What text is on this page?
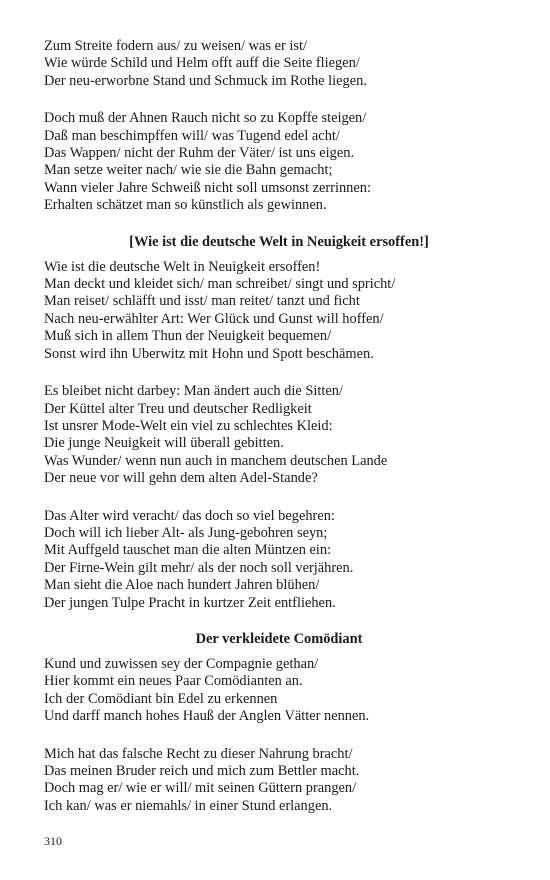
Zum Streite fodern aus/ zu weisen/ was er ist/
Wie würde Schild und Helm offt auff die Seite fliegen/
Der neu-erworbne Stand und Schmuck im Rothe liegen.
Doch muß der Ahnen Rauch nicht so zu Kopffe steigen/
Daß man beschimpffen will/ was Tugend edel acht/
Das Wappen/ nicht der Ruhm der Väter/ ist uns eigen.
Man setze weiter nach/ wie sie die Bahn gemacht;
Wann vieler Jahre Schweiß nicht soll umsonst zerrinnen:
Erhalten schätzet man so künstlich als gewinnen.
[Wie ist die deutsche Welt in Neuigkeit ersoffen!]
Wie ist die deutsche Welt in Neuigkeit ersoffen!
Man deckt und kleidet sich/ man schreibet/ singt und spricht/
Man reiset/ schläfft und isst/ man reitet/ tanzt und ficht
Nach neu-erwählter Art: Wer Glück und Gunst will hoffen/
Muß sich in allem Thun der Neuigkeit bequemen/
Sonst wird ihn Uberwitz mit Hohn und Spott beschämen.
Es bleibet nicht darbey: Man ändert auch die Sitten/
Der Küttel alter Treu und deutscher Redligkeit
Ist unsrer Mode-Welt ein viel zu schlechtes Kleid:
Die junge Neuigkeit will überall gebitten.
Was Wunder/ wenn nun auch in manchem deutschen Lande
Der neue vor will gehn dem alten Adel-Stande?
Das Alter wird veracht/ das doch so viel begehren:
Doch will ich lieber Alt- als Jung-gebohren seyn;
Mit Auffgeld tauschet man die alten Müntzen ein:
Der Firne-Wein gilt mehr/ als der noch soll verjähren.
Man sieht die Aloe nach hundert Jahren blühen/
Der jungen Tulpe Pracht in kurtzer Zeit entfliehen.
Der verkleidete Comödiant
Kund und zuwissen sey der Compagnie gethan/
Hier kommt ein neues Paar Comödianten an.
Ich der Comödiant bin Edel zu erkennen
Und darff manch hohes Hauß der Anglen Vätter nennen.
Mich hat das falsche Recht zu dieser Nahrung bracht/
Das meinen Bruder reich und mich zum Bettler macht.
Doch mag er/ wie er will/ mit seinen Güttern prangen/
Ich kan/ was er niemahls/ in einer Stund erlangen.
310
